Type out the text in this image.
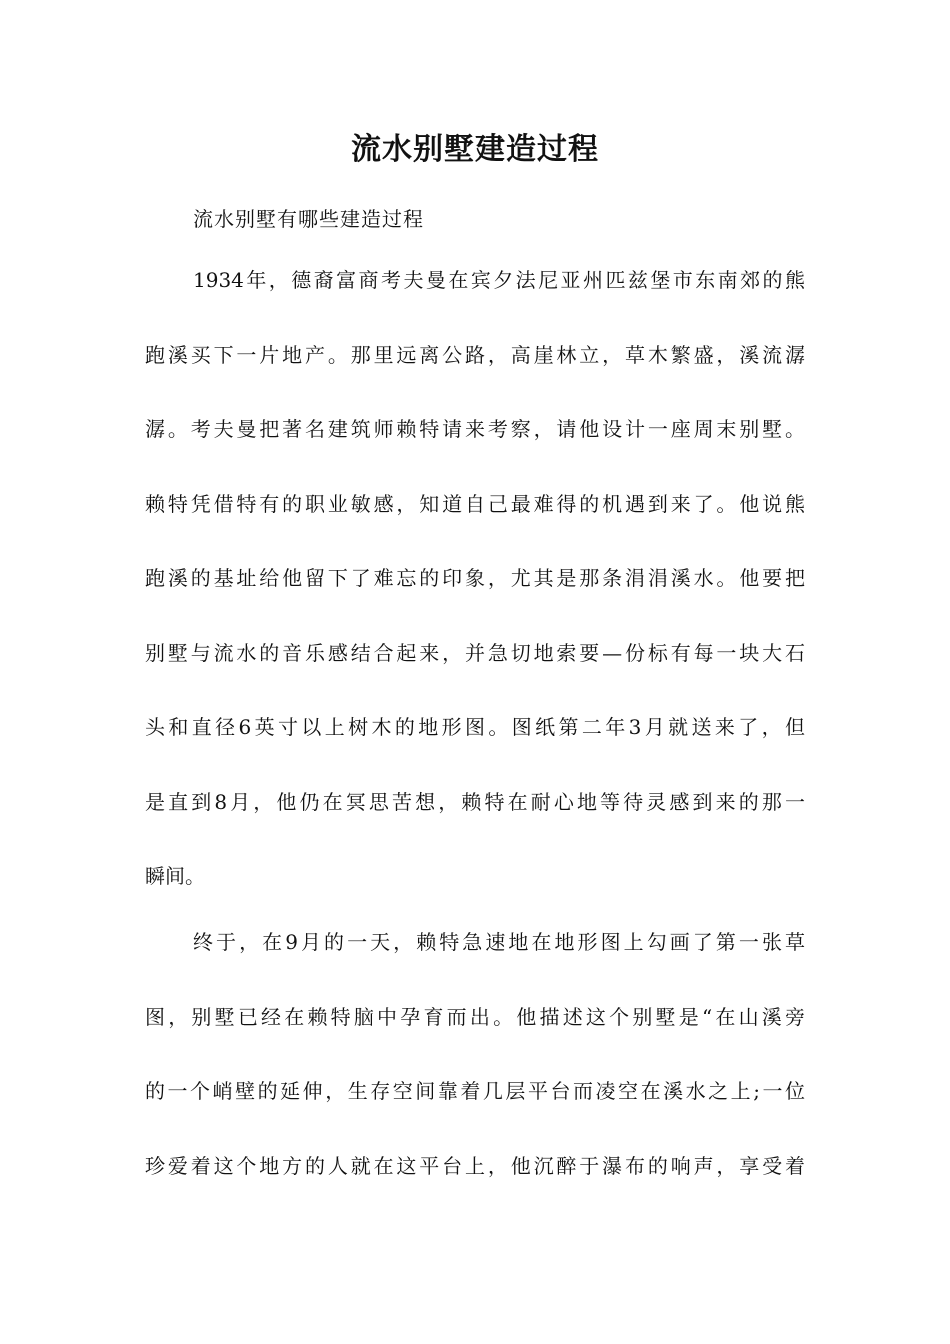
流水别墅建造过程

流水别墅有哪些建造过程

1934年，德裔富商考夫曼在宾夕法尼亚州匹兹堡市东南郊的熊
跑溪买下一片地产。那里远离公路，高崖林立，草木繁盛，溪流潺
潺。考夫曼把著名建筑师赖特请来考察，请他设计一座周末别墅。
赖特凭借特有的职业敏感，知道自己最难得的机遇到来了。他说熊
跑溪的基址给他留下了难忘的印象，尤其是那条涓涓溪水。他要把
别墅与流水的音乐感结合起来，并急切地索要—份标有每一块大石
头和直径6英寸以上树木的地形图。图纸第二年3月就送来了，但
是直到8月，他仍在冥思苦想，赖特在耐心地等待灵感到来的那一
瞬间。
终于，在9月的一天，赖特急速地在地形图上勾画了第一张草
图，别墅已经在赖特脑中孕育而出。他描述这个别墅是“在山溪旁
的一个峭壁的延伸，生存空间靠着几层平台而凌空在溪水之上;一位
珍爱着这个地方的人就在这平台上，他沉醉于瀑布的响声，享受着
